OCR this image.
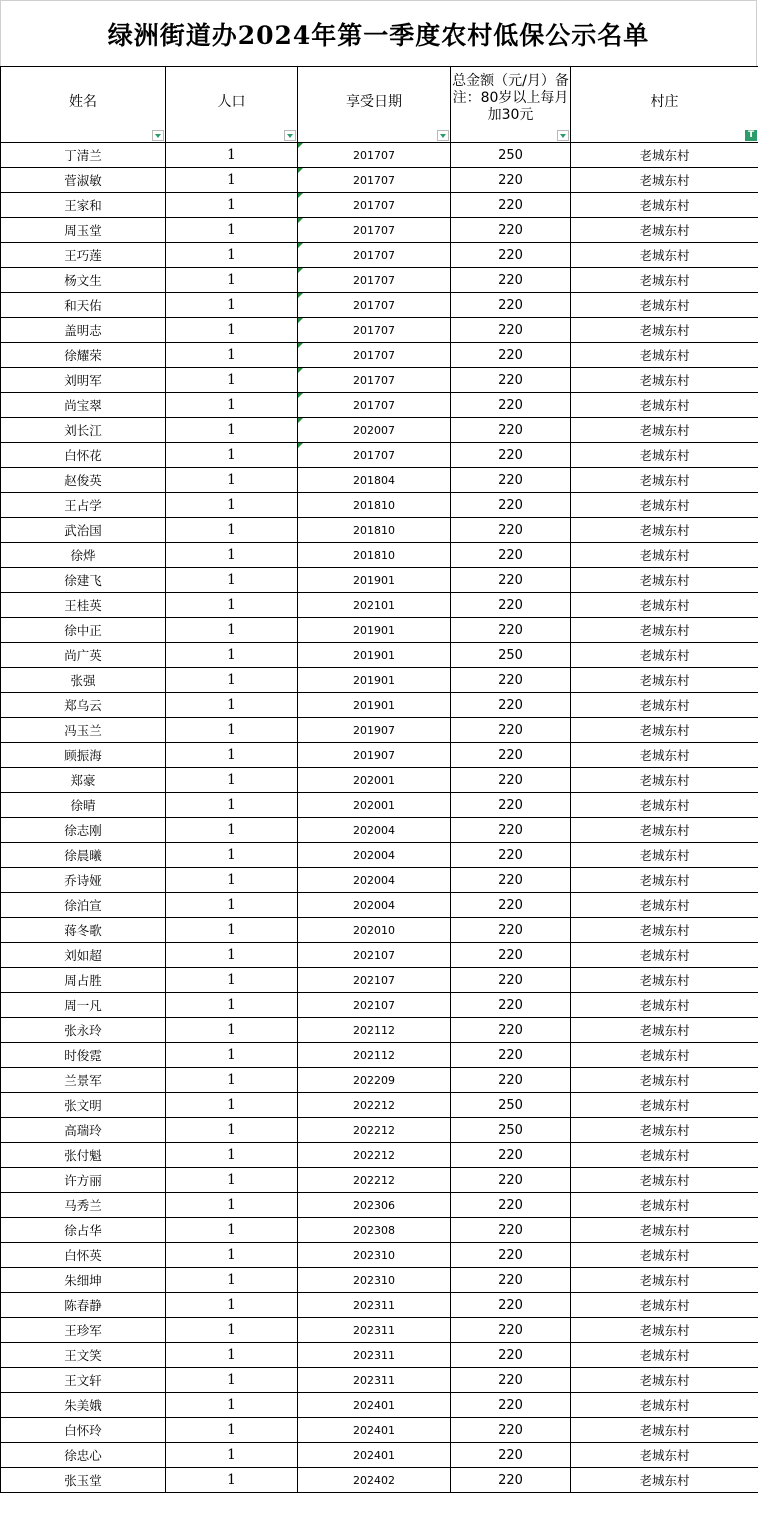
绿洲街道办2024年第一季度农村低保公示名单
姓名	人口	享受日期	总金额（元/月）备注：80岁以上每月加30元	村庄
T

丁清兰	1	201707	250	老城东村
菅淑敏	1	201707	220	老城东村
王家和	1	201707	220	老城东村
周玉堂	1	201707	220	老城东村
王巧莲	1	201707	220	老城东村
杨文生	1	201707	220	老城东村
和天佑	1	201707	220	老城东村
盖明志	1	201707	220	老城东村
徐耀荣	1	201707	220	老城东村
刘明军	1	201707	220	老城东村
尚宝翠	1	201707	220	老城东村
刘长江	1	202007	220	老城东村
白怀花	1	201707	220	老城东村
赵俊英	1	201804	220	老城东村
王占学	1	201810	220	老城东村
武治国	1	201810	220	老城东村
徐烨	1	201810	220	老城东村
徐建飞	1	201901	220	老城东村
王桂英	1	202101	220	老城东村
徐中正	1	201901	220	老城东村
尚广英	1	201901	250	老城东村
张强	1	201901	220	老城东村
郑乌云	1	201901	220	老城东村
冯玉兰	1	201907	220	老城东村
顾振海	1	201907	220	老城东村
郑豪	1	202001	220	老城东村
徐晴	1	202001	220	老城东村
徐志刚	1	202004	220	老城东村
徐晨曦	1	202004	220	老城东村
乔诗娅	1	202004	220	老城东村
徐泊宣	1	202004	220	老城东村
蒋冬歌	1	202010	220	老城东村
刘如超	1	202107	220	老城东村
周占胜	1	202107	220	老城东村
周一凡	1	202107	220	老城东村
张永玲	1	202112	220	老城东村
时俊霓	1	202112	220	老城东村
兰景军	1	202209	220	老城东村
张文明	1	202212	250	老城东村
高瑞玲	1	202212	250	老城东村
张付魁	1	202212	220	老城东村
许方丽	1	202212	220	老城东村
马秀兰	1	202306	220	老城东村
徐占华	1	202308	220	老城东村
白怀英	1	202310	220	老城东村
朱细坤	1	202310	220	老城东村
陈春静	1	202311	220	老城东村
王珍军	1	202311	220	老城东村
王文笑	1	202311	220	老城东村
王文轩	1	202311	220	老城东村
朱美娥	1	202401	220	老城东村
白怀玲	1	202401	220	老城东村
徐忠心	1	202401	220	老城东村
张玉堂	1	202402	220	老城东村
